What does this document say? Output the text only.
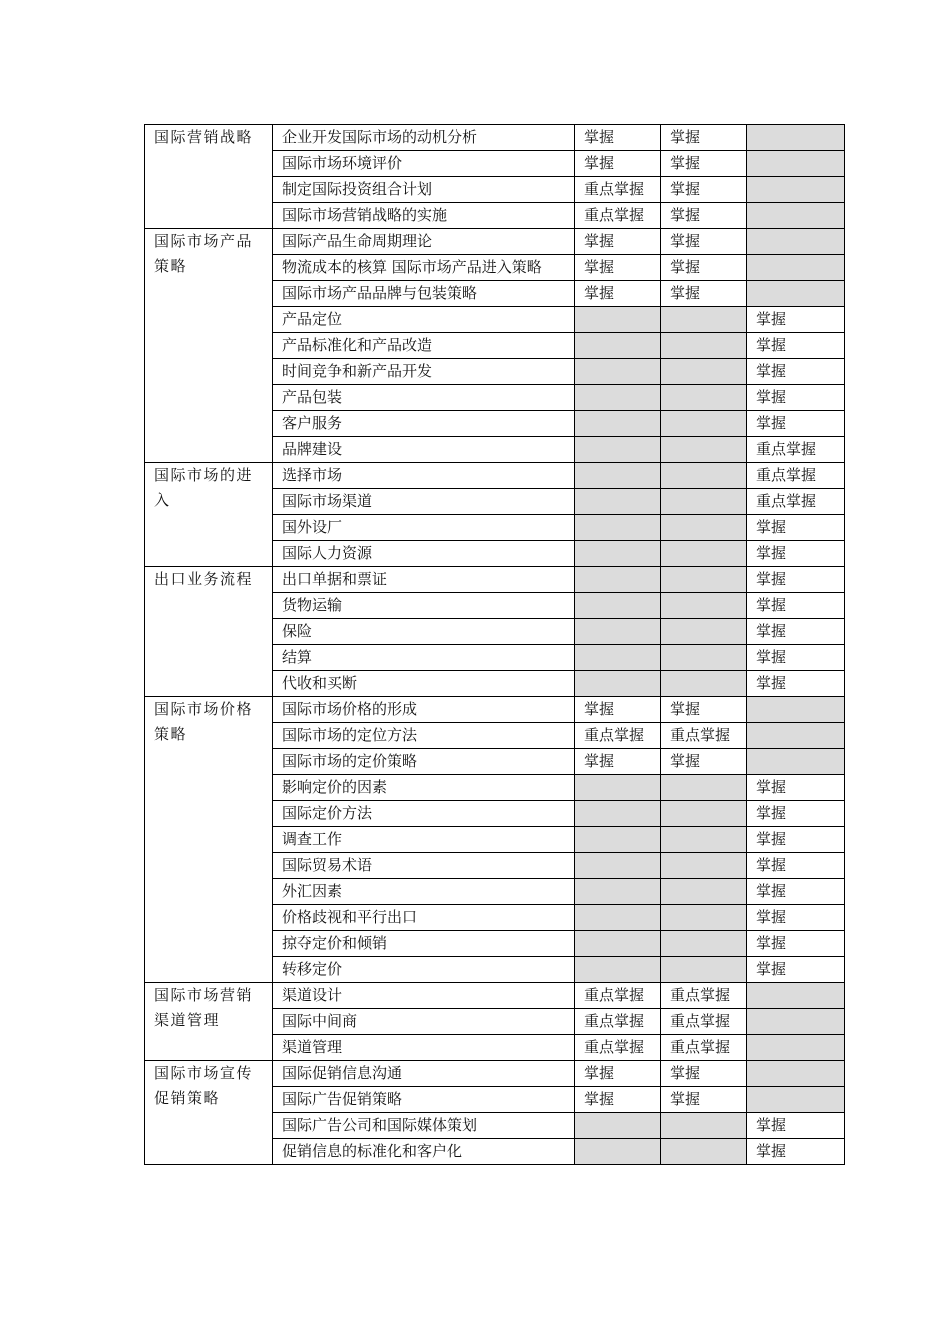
国际营销战略	企业开发国际市场的动机分析	掌握	掌握	
	国际市场环境评价	掌握	掌握	
	制定国际投资组合计划	重点掌握	掌握	
	国际市场营销战略的实施	重点掌握	掌握	
国际市场产品策略	国际产品生命周期理论	掌握	掌握	
	物流成本的核算 国际市场产品进入策略	掌握	掌握	
	国际市场产品品牌与包装策略	掌握	掌握	
	产品定位			掌握
	产品标准化和产品改造			掌握
	时间竞争和新产品开发			掌握
	产品包装			掌握
	客户服务			掌握
	品牌建设			重点掌握
国际市场的进入	选择市场			重点掌握
	国际市场渠道			重点掌握
	国外设厂			掌握
	国际人力资源			掌握
出口业务流程	出口单据和票证			掌握
	货物运输			掌握
	保险			掌握
	结算			掌握
	代收和买断			掌握
国际市场价格策略	国际市场价格的形成	掌握	掌握	
	国际市场的定位方法	重点掌握	重点掌握	
	国际市场的定价策略	掌握	掌握	
	影响定价的因素			掌握
	国际定价方法			掌握
	调查工作			掌握
	国际贸易术语			掌握
	外汇因素			掌握
	价格歧视和平行出口			掌握
	掠夺定价和倾销			掌握
	转移定价			掌握
国际市场营销渠道管理	渠道设计	重点掌握	重点掌握	
	国际中间商	重点掌握	重点掌握	
	渠道管理	重点掌握	重点掌握	
国际市场宣传促销策略	国际促销信息沟通	掌握	掌握	
	国际广告促销策略	掌握	掌握	
	国际广告公司和国际媒体策划			掌握
	促销信息的标准化和客户化			掌握
